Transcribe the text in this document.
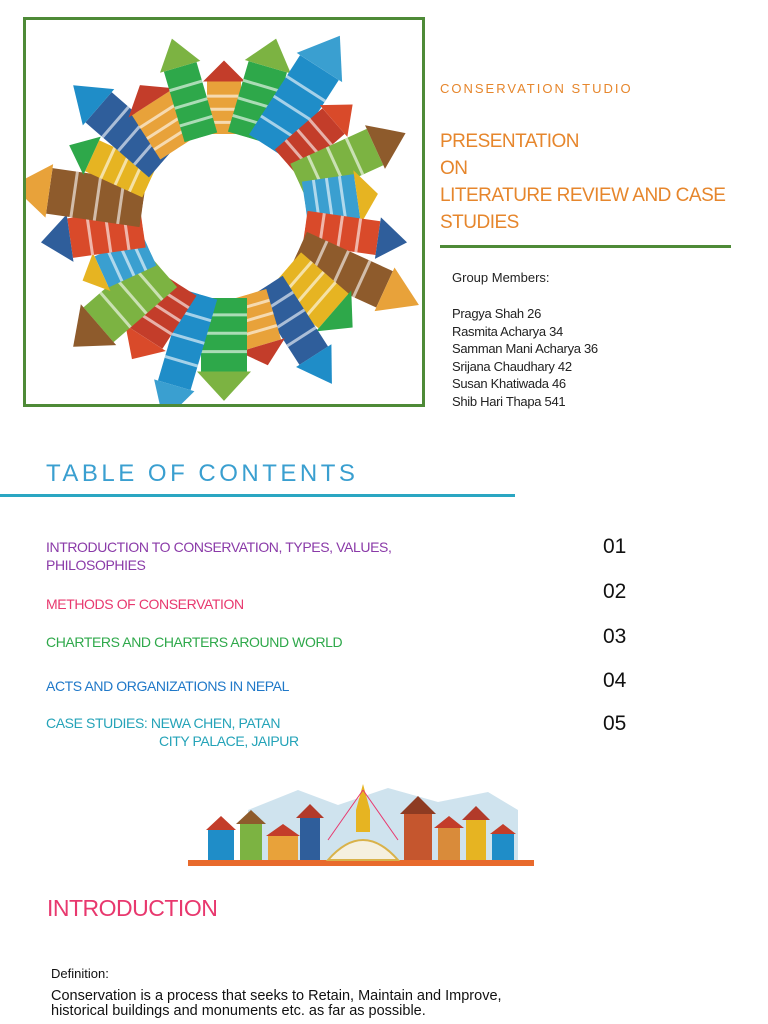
CONSERVATION STUDIO
PRESENTATION
ON
LITERATURE REVIEW AND CASE
STUDIES
Group Members:
Pragya Shah 26
Rasmita Acharya 34
Samman Mani Acharya 36
Srijana Chaudhary 42
Susan Khatiwada 46
Shib Hari Thapa 541
TABLE OF CONTENTS
INTRODUCTION TO CONSERVATION, TYPES, VALUES,
PHILOSOPHIES
METHODS OF CONSERVATION
CHARTERS AND CHARTERS AROUND WORLD
ACTS AND ORGANIZATIONS IN NEPAL
CASE STUDIES: NEWA CHEN, PATAN
CITY PALACE, JAIPUR
01
02
03
04
05
INTRODUCTION
Definition:
Conservation is a process that seeks to Retain, Maintain and Improve,
historical buildings and monuments etc. as far as possible.
